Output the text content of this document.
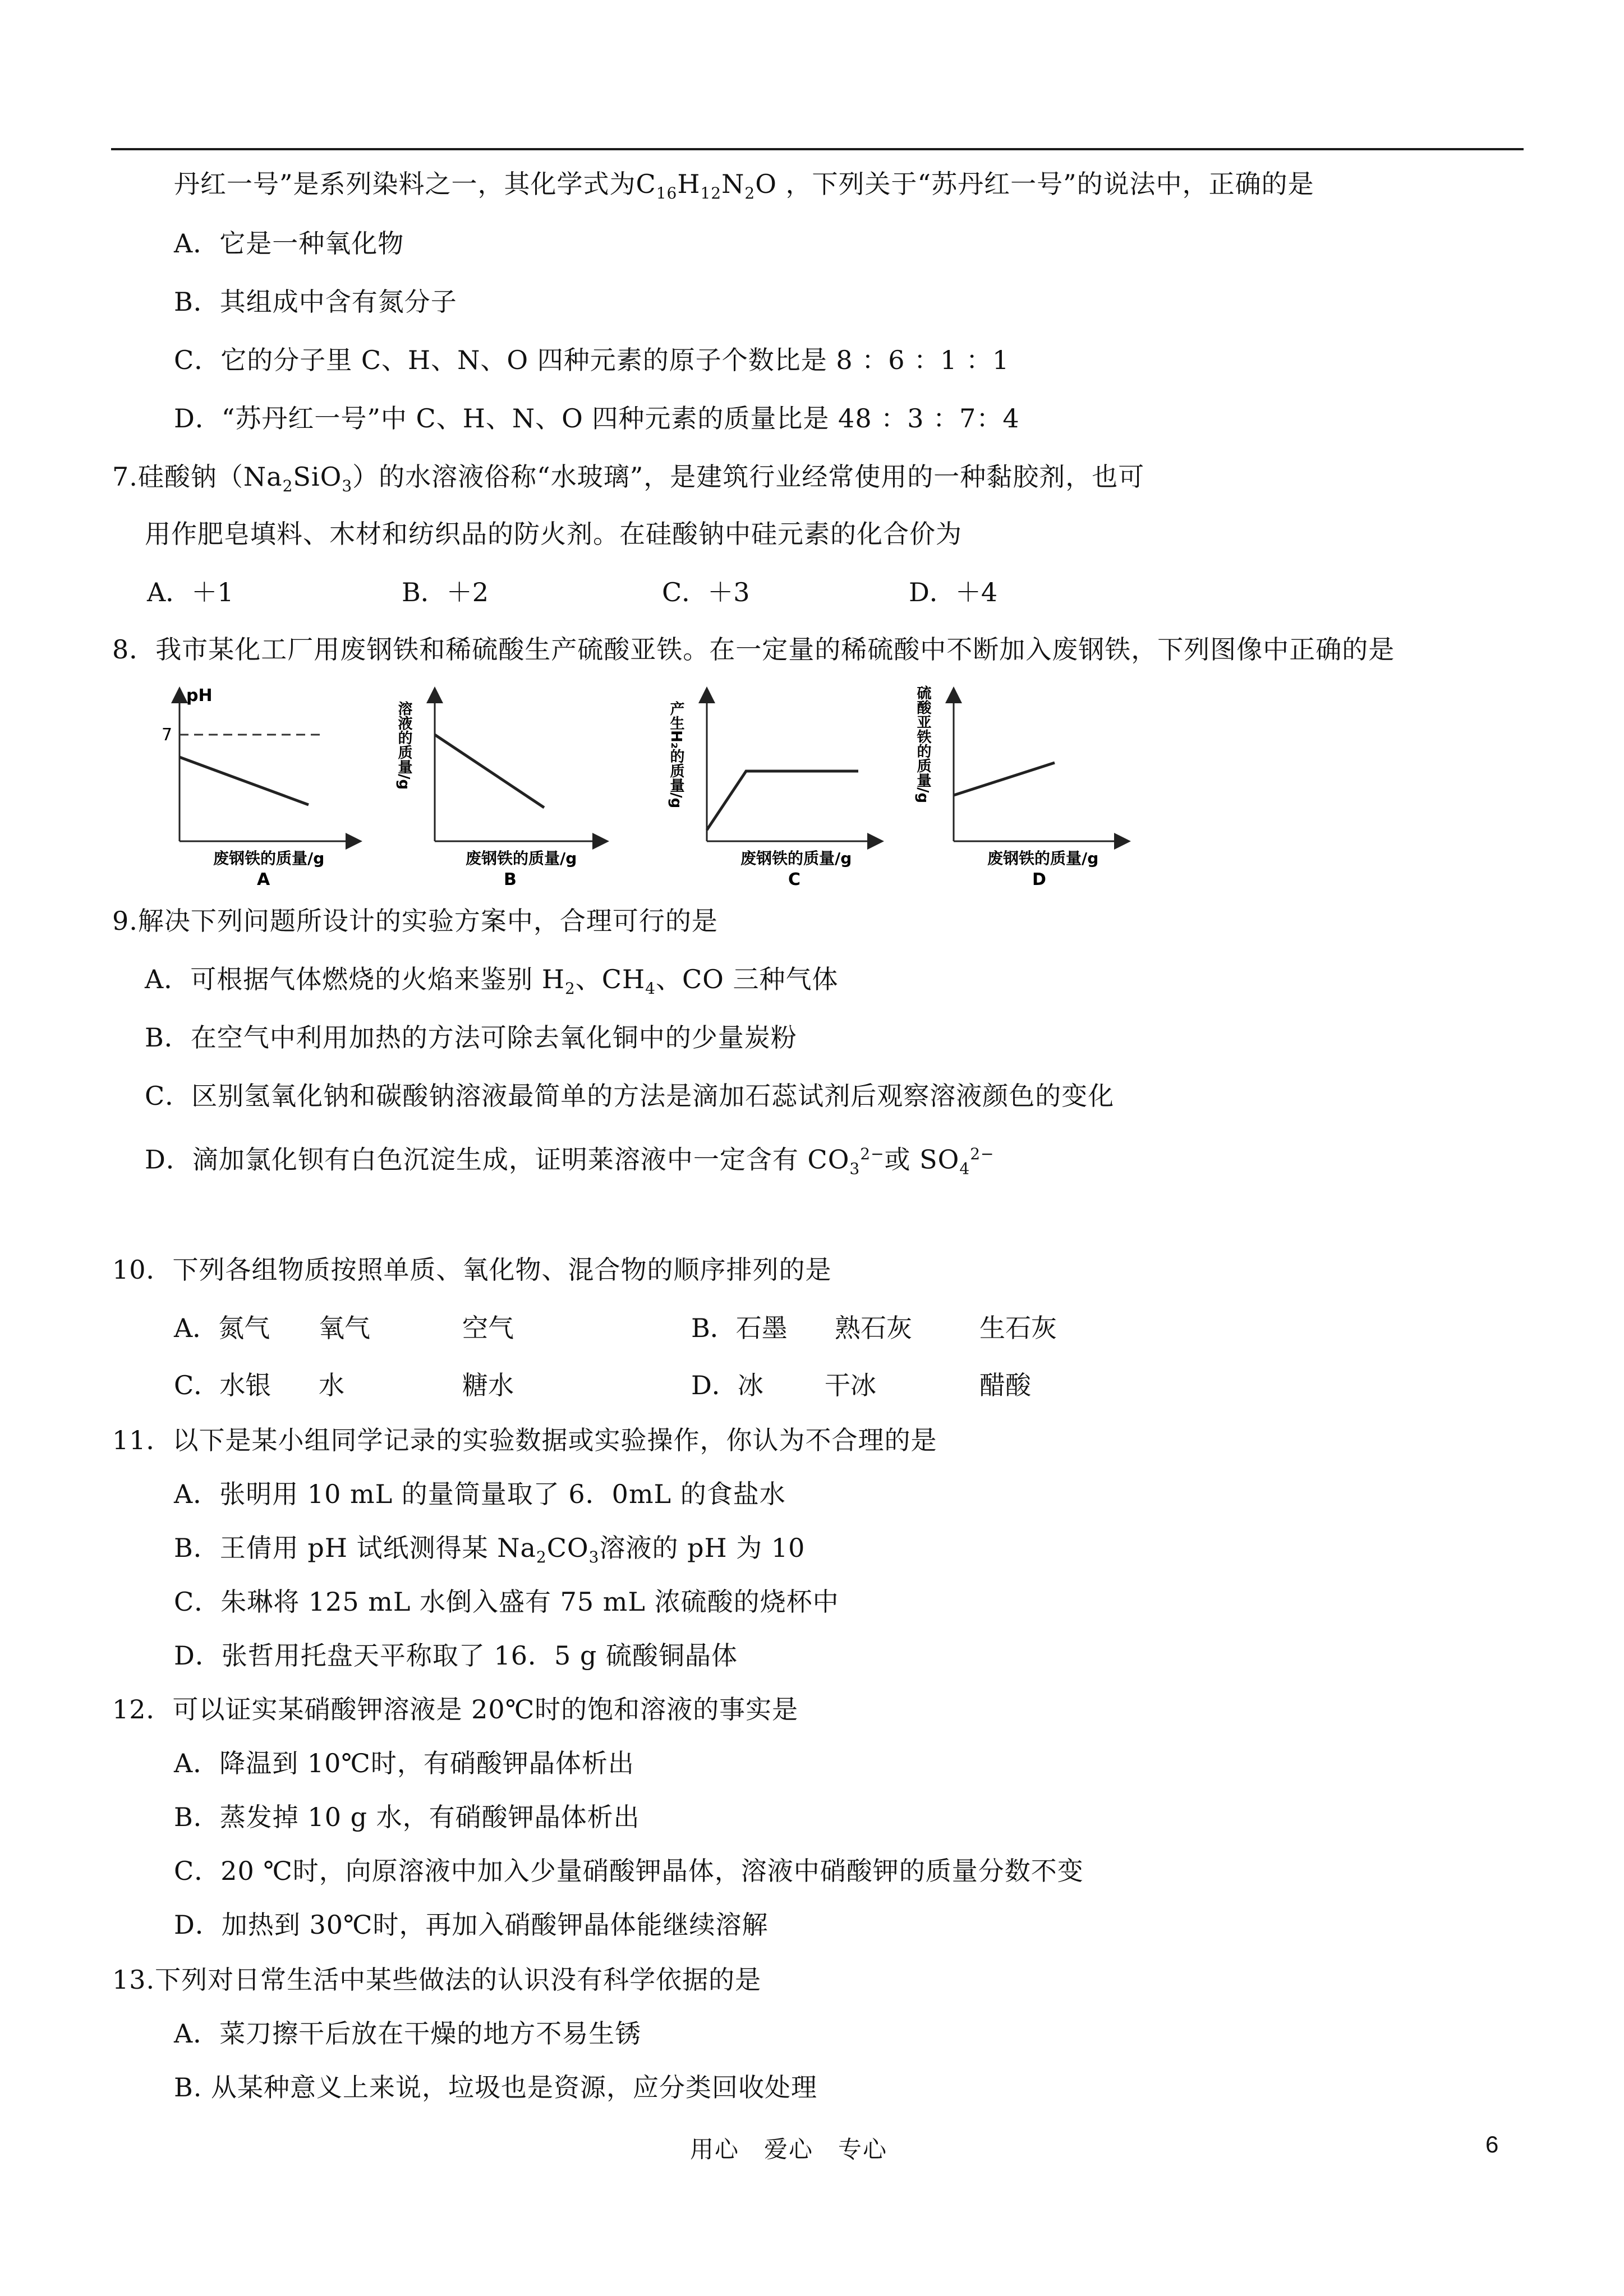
丹红一号”是系列染料之一，其化学式为$C_{16}H_{12}N_2O$ ，下列关于“苏丹红一号”的说法中，正确的是
A．它是一种氧化物
B．其组成中含有氮分子
C．它的分子里 C、H、N、O 四种元素的原子个数比是 8 ：6 ：1 ：1
D．“苏丹红一号”中 C、H、N、O 四种元素的质量比是 48 ：3 ：7：4
7.硅酸钠$(Na_2SiO_3)$的水溶液俗称“水玻璃”，是建筑行业经常使用的一种黏胶剂，也可
用作肥皂填料、木材和纺织品的防火剂。在硅酸钠中硅元素的化合价为
A．＋1	B．＋2	C．＋3	D．＋4
8．我市某化工厂用废钢铁和稀硫酸生产硫酸亚铁。在一定量的稀硫酸中不断加入废钢铁，下列图像中正确的是
pH
7
废钢铁的质量/g
A
溶液的质量/g
废钢铁的质量/g
B
产生H₂的质量/g
废钢铁的质量/g
C
硫酸亚铁的质量/g
废钢铁的质量/g
D
9.解决下列问题所设计的实验方案中，合理可行的是
A．可根据气体燃烧的火焰来鉴别 $H_2$、$CH_4$、CO 三种气体
B．在空气中利用加热的方法可除去氧化铜中的少量炭粉
C．区别氢氧化钠和碳酸钠溶液最简单的方法是滴加石蕊试剂后观察溶液颜色的变化
D．滴加氯化钡有白色沉淀生成，证明莱溶液中一定含有 $CO_3^{2-}$或 $SO_4^{2-}$
10．下列各组物质按照单质、氧化物、混合物的顺序排列的是
A．氮气 氧气	空气	B．石墨 熟石灰	生石灰
C．水银 水	糖水	D．冰 干冰	醋酸
11．以下是某小组同学记录的实验数据或实验操作，你认为不合理的是
A．张明用 10 mL 的量筒量取了 6．0mL 的食盐水
B．王倩用 pH 试纸测得某 $Na_2CO_3$溶液的 pH 为 10
C．朱琳将 125 mL 水倒入盛有 75 mL 浓硫酸的烧杯中
D．张哲用托盘天平称取了 16．5 g 硫酸铜晶体
12．可以证实某硝酸钾溶液是 20℃时的饱和溶液的事实是
A．降温到 10℃时，有硝酸钾晶体析出
B．蒸发掉 10 g 水，有硝酸钾晶体析出
C．20 ℃时，向原溶液中加入少量硝酸钾晶体，溶液中硝酸钾的质量分数不变
D．加热到 30℃时，再加入硝酸钾晶体能继续溶解
13.下列对日常生活中某些做法的认识没有科学依据的是
A．菜刀擦干后放在干燥的地方不易生锈
B. 从某种意义上来说，垃圾也是资源，应分类回收处理
用心　爱心　专心	6
